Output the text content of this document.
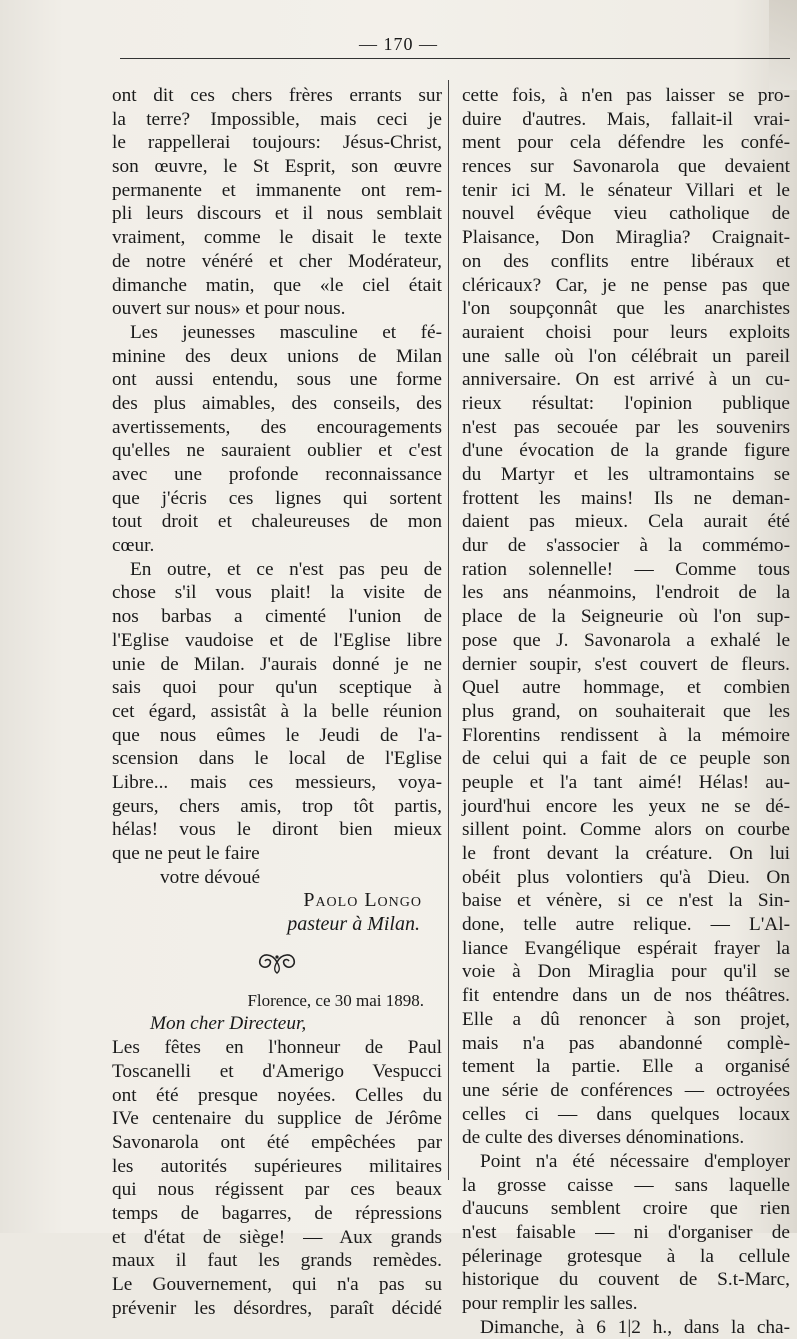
— 170 —
ont dit ces chers frères errants sur
la terre? Impossible, mais ceci je
le rappellerai toujours: Jésus-Christ,
son œuvre, le St Esprit, son œuvre
permanente et immanente ont rem-
pli leurs discours et il nous semblait
vraiment, comme le disait le texte
de notre vénéré et cher Modérateur,
dimanche matin, que «le ciel était
ouvert sur nous» et pour nous.
Les jeunesses masculine et fé-
minine des deux unions de Milan
ont aussi entendu, sous une forme
des plus aimables, des conseils, des
avertissements, des encouragements
qu'elles ne sauraient oublier et c'est
avec une profonde reconnaissance
que j'écris ces lignes qui sortent
tout droit et chaleureuses de mon
cœur.
En outre, et ce n'est pas peu de
chose s'il vous plait! la visite de
nos barbas a cimenté l'union de
l'Eglise vaudoise et de l'Eglise libre
unie de Milan. J'aurais donné je ne
sais quoi pour qu'un sceptique à
cet égard, assistât à la belle réunion
que nous eûmes le Jeudi de l'a-
scension dans le local de l'Eglise
Libre... mais ces messieurs, voya-
geurs, chers amis, trop tôt partis,
hélas! vous le diront bien mieux
que ne peut le faire
votre dévoué
Paolo Longo
pasteur à Milan.
Florence, ce 30 mai 1898.
Mon cher Directeur,
Les fêtes en l'honneur de Paul
Toscanelli et d'Amerigo Vespucci
ont été presque noyées. Celles du
IVe centenaire du supplice de Jérôme
Savonarola ont été empêchées par
les autorités supérieures militaires
qui nous régissent par ces beaux
temps de bagarres, de répressions
et d'état de siège! — Aux grands
maux il faut les grands remèdes.
Le Gouvernement, qui n'a pas su
prévenir les désordres, paraît décidé
cette fois, à n'en pas laisser se pro-
duire d'autres. Mais, fallait-il vrai-
ment pour cela défendre les confé-
rences sur Savonarola que devaient
tenir ici M. le sénateur Villari et le
nouvel évêque vieu catholique de
Plaisance, Don Miraglia? Craignait-
on des conflits entre libéraux et
cléricaux? Car, je ne pense pas que
l'on soupçonnât que les anarchistes
auraient choisi pour leurs exploits
une salle où l'on célébrait un pareil
anniversaire. On est arrivé à un cu-
rieux résultat: l'opinion publique
n'est pas secouée par les souvenirs
d'une évocation de la grande figure
du Martyr et les ultramontains se
frottent les mains! Ils ne deman-
daient pas mieux. Cela aurait été
dur de s'associer à la commémo-
ration solennelle! — Comme tous
les ans néanmoins, l'endroit de la
place de la Seigneurie où l'on sup-
pose que J. Savonarola a exhalé le
dernier soupir, s'est couvert de fleurs.
Quel autre hommage, et combien
plus grand, on souhaiterait que les
Florentins rendissent à la mémoire
de celui qui a fait de ce peuple son
peuple et l'a tant aimé! Hélas! au-
jourd'hui encore les yeux ne se dé-
sillent point. Comme alors on courbe
le front devant la créature. On lui
obéit plus volontiers qu'à Dieu. On
baise et vénère, si ce n'est la Sin-
done, telle autre relique. — L'Al-
liance Evangélique espérait frayer la
voie à Don Miraglia pour qu'il se
fit entendre dans un de nos théâtres.
Elle a dû renoncer à son projet,
mais n'a pas abandonné complè-
tement la partie. Elle a organisé
une série de conférences — octroyées
celles ci — dans quelques locaux
de culte des diverses dénominations.
Point n'a été nécessaire d'employer
la grosse caisse — sans laquelle
d'aucuns semblent croire que rien
n'est faisable — ni d'organiser de
pélerinage grotesque à la cellule
historique du couvent de S.t-Marc,
pour remplir les salles.
Dimanche, à 6 1|2 h., dans la cha-
